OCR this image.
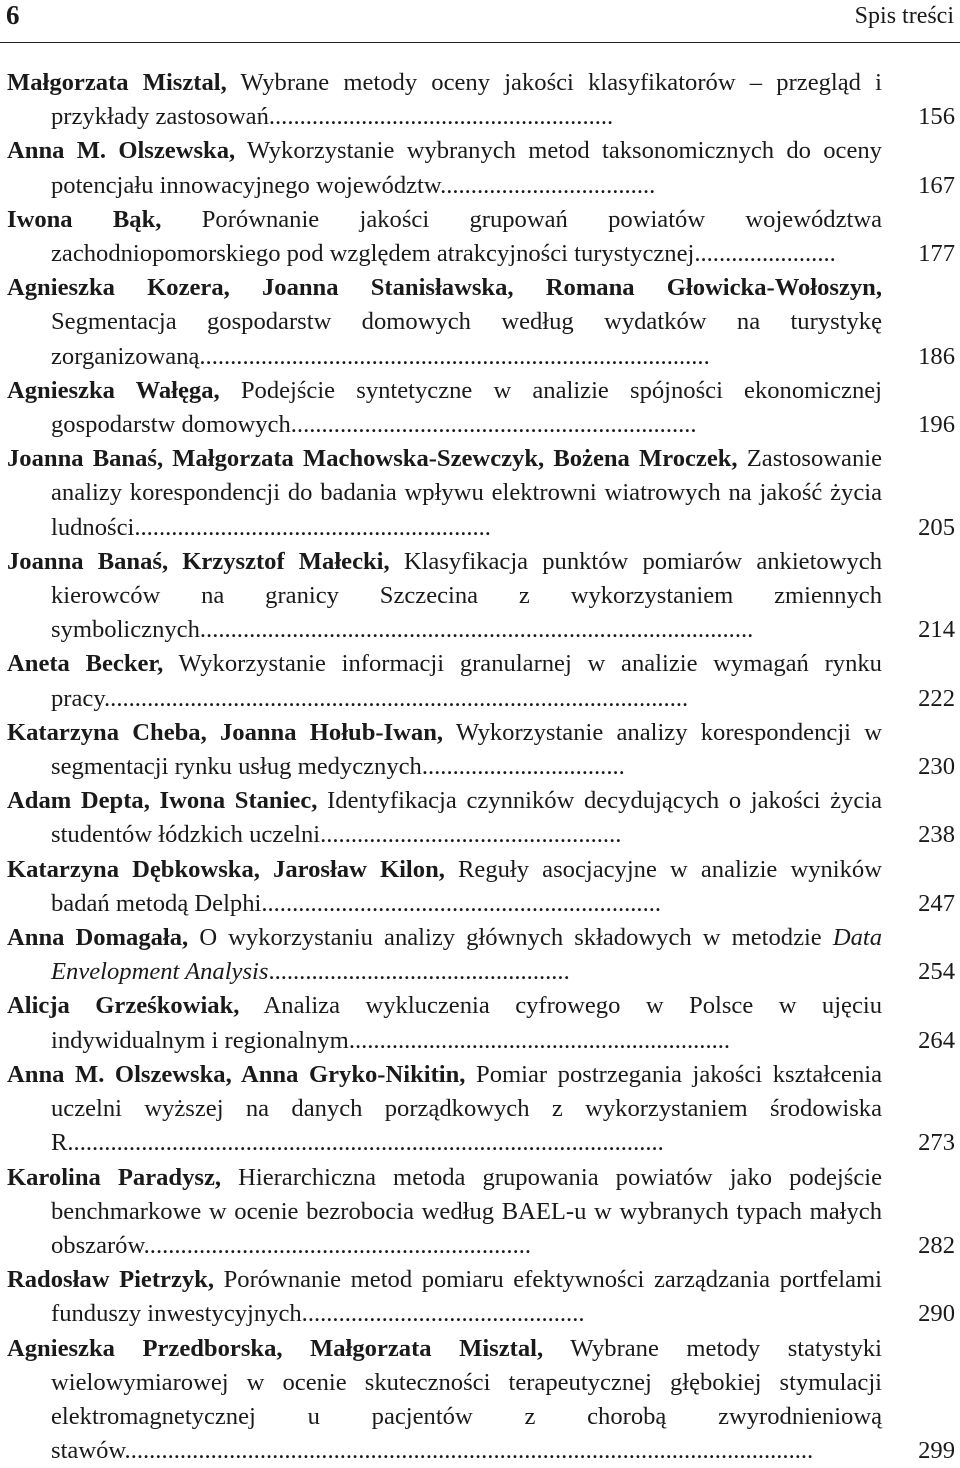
6	Spis treści
Małgorzata Misztal, Wybrane metody oceny jakości klasyfikatorów – przegląd i przykłady zastosowań........................................................	156
Anna M. Olszewska, Wykorzystanie wybranych metod taksonomicznych do oceny potencjału innowacyjnego województw...................................	167
Iwona Bąk, Porównanie jakości grupowań powiatów województwa zachodniopomorskiego pod względem atrakcyjności turystycznej.......................	177
Agnieszka Kozera, Joanna Stanisławska, Romana Głowicka-Wołoszyn, Segmentacja gospodarstw domowych według wydatków na turystykę zorganizowaną...................................................................................	186
Agnieszka Wałęga, Podejście syntetyczne w analizie spójności ekonomicznej gospodarstw domowych..................................................................	196
Joanna Banaś, Małgorzata Machowska-Szewczyk, Bożena Mroczek, Zastosowanie analizy korespondencji do badania wpływu elektrowni wiatrowych na jakość życia ludności..........................................................	205
Joanna Banaś, Krzysztof Małecki, Klasyfikacja punktów pomiarów ankietowych kierowców na granicy Szczecina z wykorzystaniem zmiennych symbolicznych..........................................................................................	214
Aneta Becker, Wykorzystanie informacji granularnej w analizie wymagań rynku pracy...............................................................................................	222
Katarzyna Cheba, Joanna Hołub-Iwan, Wykorzystanie analizy korespondencji w segmentacji rynku usług medycznych.................................	230
Adam Depta, Iwona Staniec, Identyfikacja czynników decydujących o jakości życia studentów łódzkich uczelni.................................................	238
Katarzyna Dębkowska, Jarosław Kilon, Reguły asocjacyjne w analizie wyników badań metodą Delphi.................................................................	247
Anna Domagała, O wykorzystaniu analizy głównych składowych w metodzie Data Envelopment Analysis.................................................	254
Alicja Grześkowiak, Analiza wykluczenia cyfrowego w Polsce w ujęciu indywidualnym i regionalnym..............................................................	264
Anna M. Olszewska, Anna Gryko-Nikitin, Pomiar postrzegania jakości kształcenia uczelni wyższej na danych porządkowych z wykorzystaniem środowiska R.................................................................................................	273
Karolina Paradysz, Hierarchiczna metoda grupowania powiatów jako podejście benchmarkowe w ocenie bezrobocia według BAEL-u w wybranych typach małych obszarów...............................................................	282
Radosław Pietrzyk, Porównanie metod pomiaru efektywności zarządzania portfelami funduszy inwestycyjnych..............................................	290
Agnieszka Przedborska, Małgorzata Misztal, Wybrane metody statystyki wielowymiarowej w ocenie skuteczności terapeutycznej głębokiej stymulacji elektromagnetycznej u pacjentów z chorobą zwyrodnieniową stawów................................................................................................................	299
